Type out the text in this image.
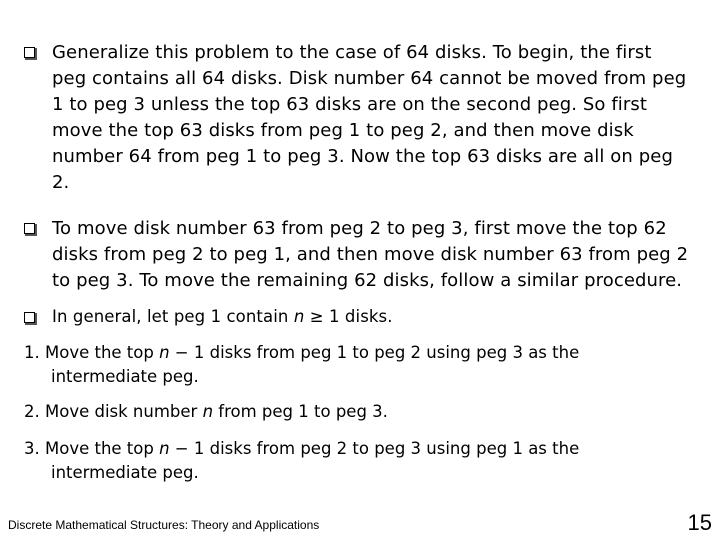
Generalize this problem to the case of 64 disks. To begin, the first
peg contains all 64 disks. Disk number 64 cannot be moved from peg
1 to peg 3 unless the top 63 disks are on the second peg. So first
move the top 63 disks from peg 1 to peg 2, and then move disk
number 64 from peg 1 to peg 3. Now the top 63 disks are all on peg
2.
To move disk number 63 from peg 2 to peg 3, first move the top 62
disks from peg 2 to peg 1, and then move disk number 63 from peg 2
to peg 3. To move the remaining 62 disks, follow a similar procedure.
In general, let peg 1 contain n ≥ 1 disks.
1. Move the top n − 1 disks from peg 1 to peg 2 using peg 3 as the
intermediate peg.
2. Move disk number n from peg 1 to peg 3.
3. Move the top n − 1 disks from peg 2 to peg 3 using peg 1 as the
intermediate peg.
Discrete Mathematical Structures: Theory and Applications	15
